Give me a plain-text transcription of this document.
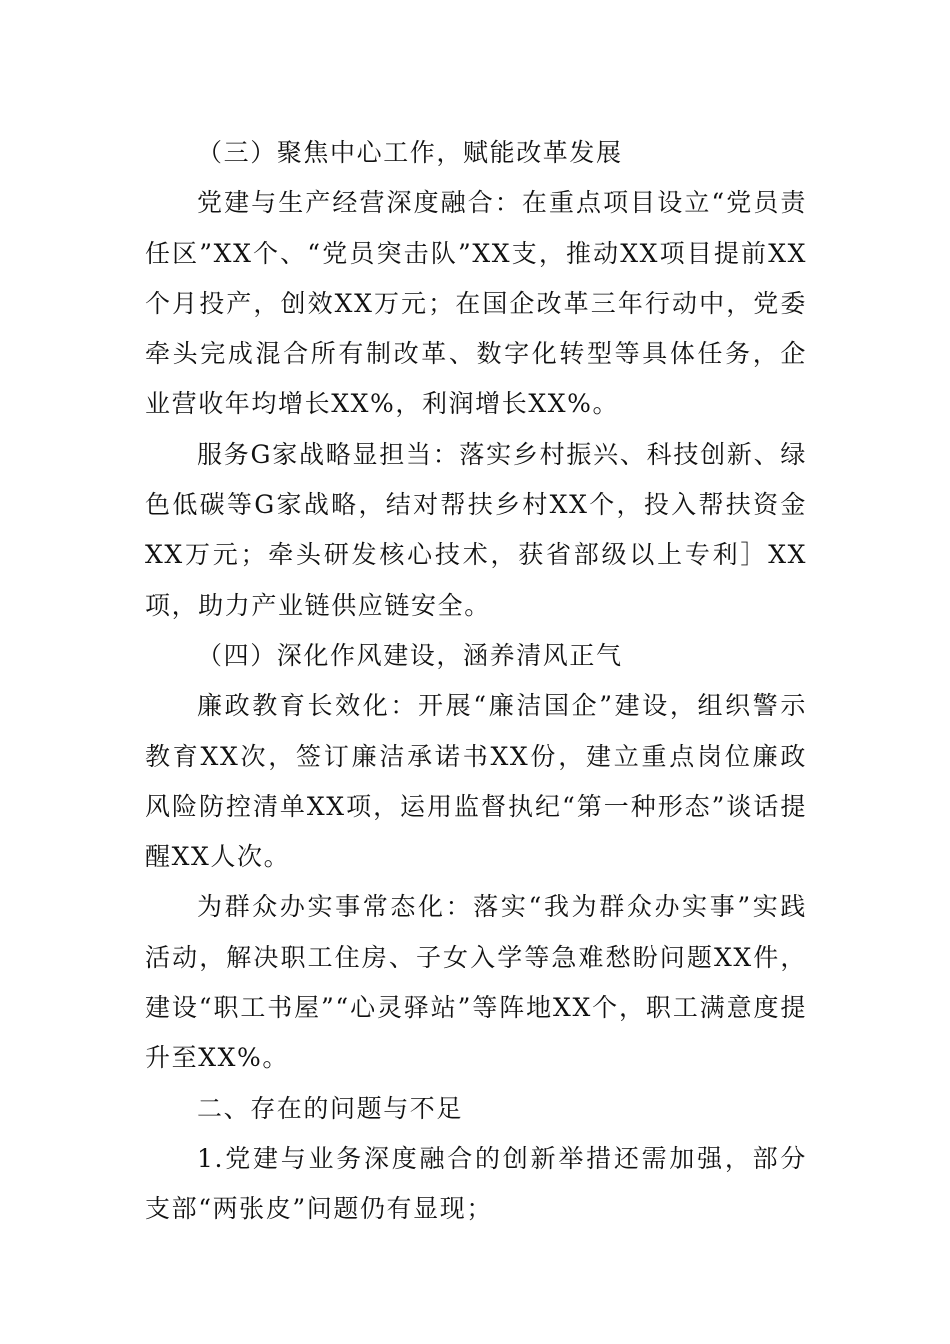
（三）聚焦中心工作，赋能改革发展

党建与生产经营深度融合：在重点项目设立“党员责任区”XX个、“党员突击队”XX支，推动XX项目提前XX个月投产，创效XX万元；在国企改革三年行动中，党委牵头完成混合所有制改革、数字化转型等具体任务，企业营收年均增长XX%，利润增长XX%。

服务G家战略显担当：落实乡村振兴、科技创新、绿色低碳等G家战略，结对帮扶乡村XX个，投入帮扶资金XX万元；牵头研发核心技术，获省部级以上专利］XX项，助力产业链供应链安全。

（四）深化作风建设，涵养清风正气

廉政教育长效化：开展“廉洁国企”建设，组织警示教育XX次，签订廉洁承诺书XX份，建立重点岗位廉政风险防控清单XX项，运用监督执纪“第一种形态”谈话提醒XX人次。

为群众办实事常态化：落实“我为群众办实事”实践活动，解决职工住房、子女入学等急难愁盼问题XX件，建设“职工书屋”“心灵驿站”等阵地XX个，职工满意度提升至XX%。

二、存在的问题与不足

1.党建与业务深度融合的创新举措还需加强，部分支部“两张皮”问题仍有显现；
